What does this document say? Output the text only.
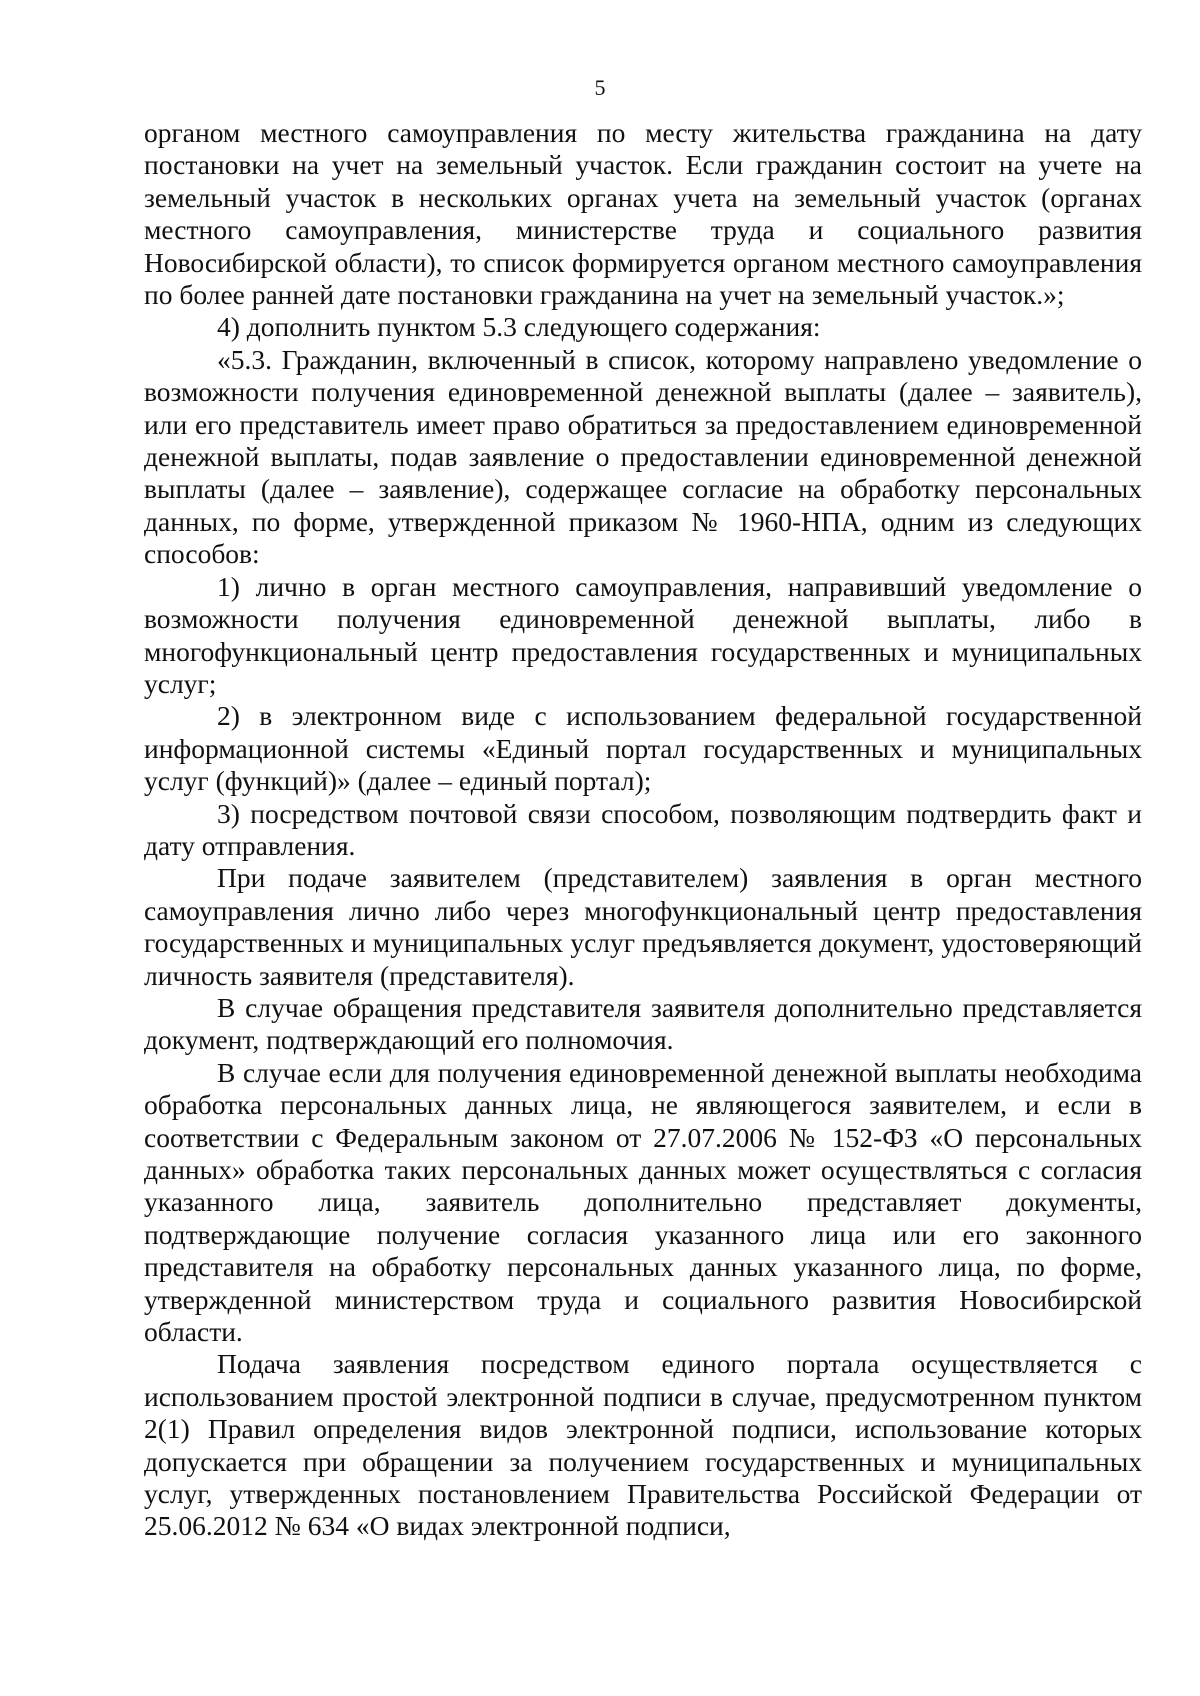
5

органом местного самоуправления по месту жительства гражданина на дату постановки на учет на земельный участок. Если гражданин состоит на учете на земельный участок в нескольких органах учета на земельный участок (органах местного самоуправления, министерстве труда и социального развития Новосибирской области), то список формируется органом местного самоуправления по более ранней дате постановки гражданина на учет на земельный участок.»;

4) дополнить пунктом 5.3 следующего содержания:

«5.3. Гражданин, включенный в список, которому направлено уведомление о возможности получения единовременной денежной выплаты (далее – заявитель), или его представитель имеет право обратиться за предоставлением единовременной денежной выплаты, подав заявление о предоставлении единовременной денежной выплаты (далее – заявление), содержащее согласие на обработку персональных данных, по форме, утвержденной приказом № 1960-НПА, одним из следующих способов:

1) лично в орган местного самоуправления, направивший уведомление о возможности получения единовременной денежной выплаты, либо в многофункциональный центр предоставления государственных и муниципальных услуг;

2) в электронном виде с использованием федеральной государственной информационной системы «Единый портал государственных и муниципальных услуг (функций)» (далее – единый портал);

3) посредством почтовой связи способом, позволяющим подтвердить факт и дату отправления.

При подаче заявителем (представителем) заявления в орган местного самоуправления лично либо через многофункциональный центр предоставления государственных и муниципальных услуг предъявляется документ, удостоверяющий личность заявителя (представителя).

В случае обращения представителя заявителя дополнительно представляется документ, подтверждающий его полномочия.

В случае если для получения единовременной денежной выплаты необходима обработка персональных данных лица, не являющегося заявителем, и если в соответствии с Федеральным законом от 27.07.2006 № 152-ФЗ «О персональных данных» обработка таких персональных данных может осуществляться с согласия указанного лица, заявитель дополнительно представляет документы, подтверждающие получение согласия указанного лица или его законного представителя на обработку персональных данных указанного лица, по форме, утвержденной министерством труда и социального развития Новосибирской области.

Подача заявления посредством единого портала осуществляется с использованием простой электронной подписи в случае, предусмотренном пунктом 2(1) Правил определения видов электронной подписи, использование которых допускается при обращении за получением государственных и муниципальных услуг, утвержденных постановлением Правительства Российской Федерации от 25.06.2012 № 634 «О видах электронной подписи,
